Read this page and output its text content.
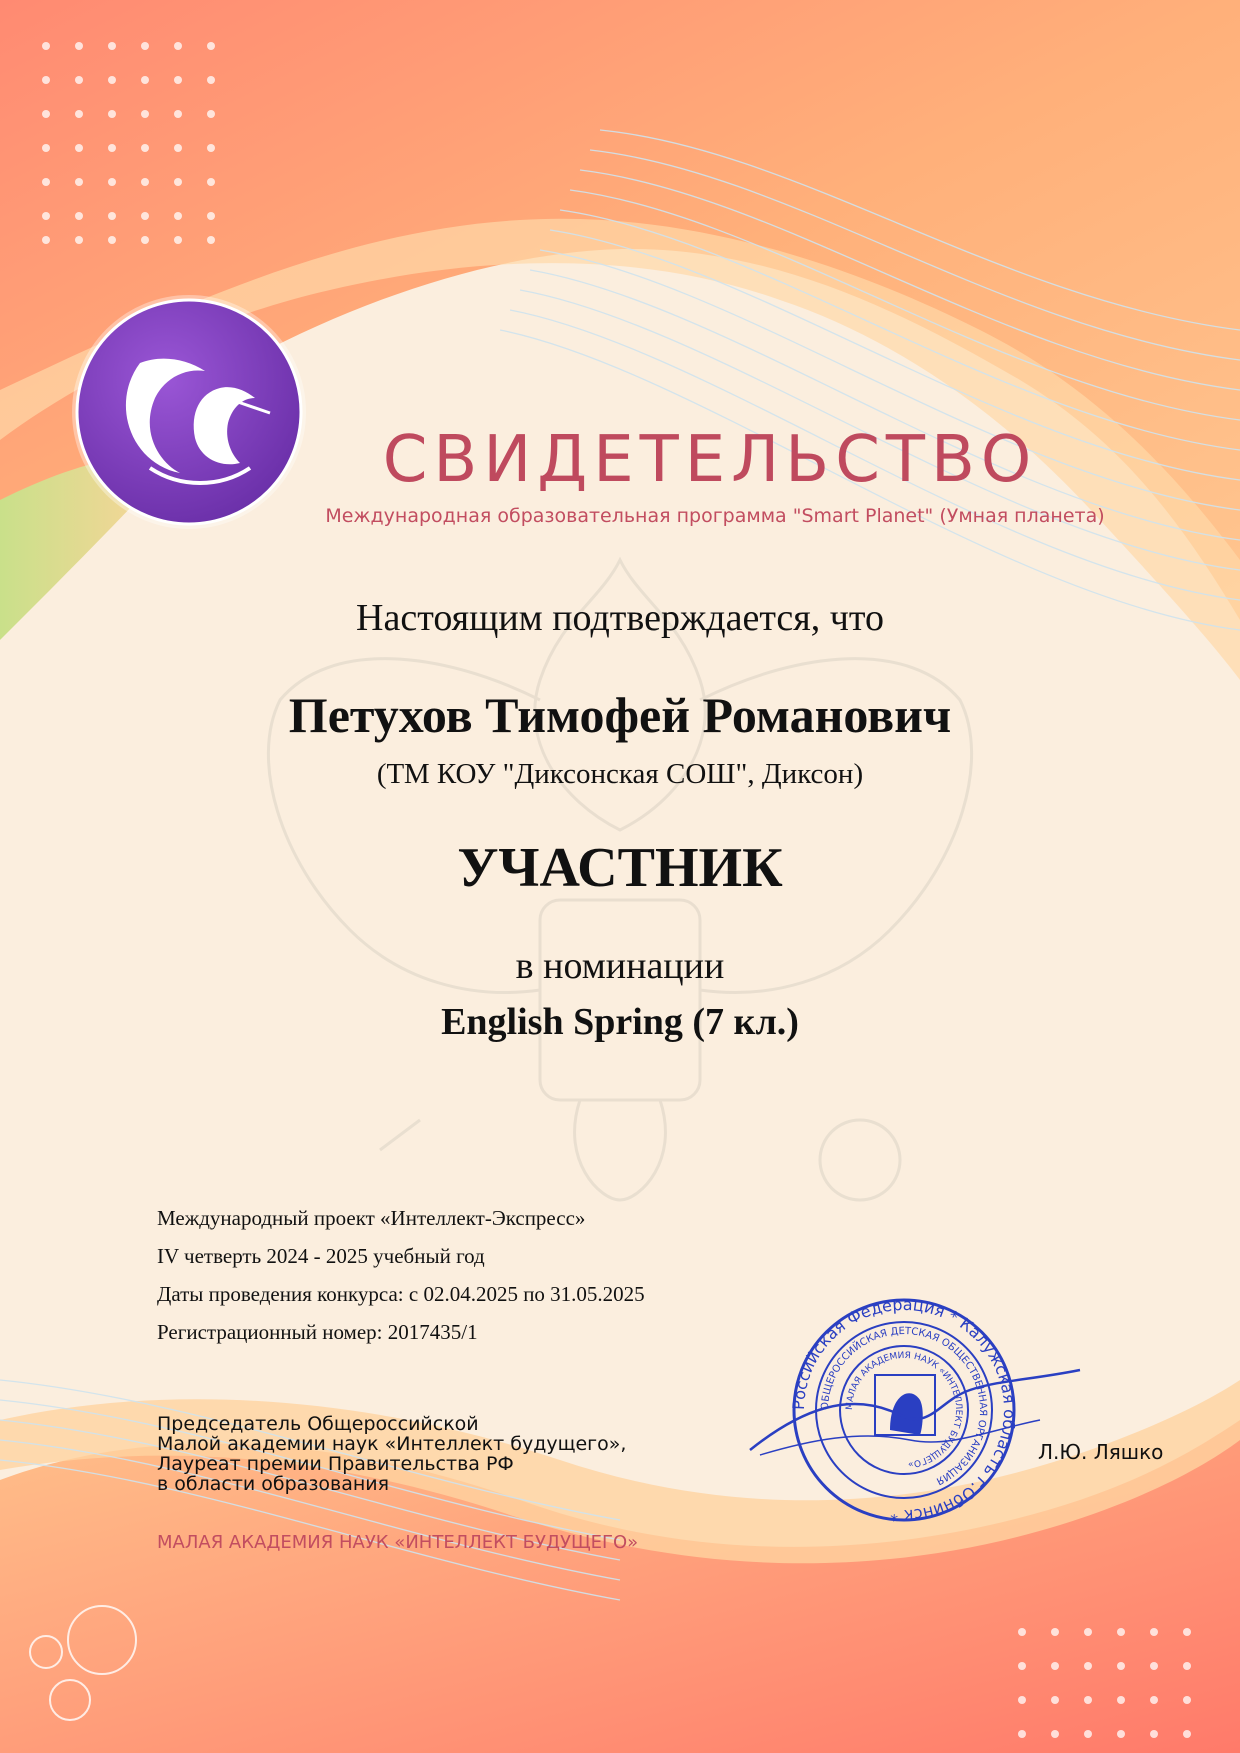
СВИДЕТЕЛЬСТВО
Международная образовательная программа "Smart Planet" (Умная планета)
Настоящим подтверждается, что
Петухов Тимофей Романович
(ТМ КОУ "Диксонская СОШ", Диксон)
УЧАСТНИК
в номинации
English Spring (7 кл.)
Международный проект «Интеллект-Экспресс»
IV четверть 2024 - 2025 учебный год
Даты проведения конкурса: с 02.04.2025 по 31.05.2025
Регистрационный номер: 2017435/1
Председатель Общероссийской
Малой академии наук «Интеллект будущего»,
Лауреат премии Правительства РФ
в области образования
МАЛАЯ АКАДЕМИЯ НАУК «ИНТЕЛЛЕКТ БУДУЩЕГО»
Российская Федерация * Калужская область г.Обнинск *
ОБЩЕРОССИЙСКАЯ ДЕТСКАЯ ОБЩЕСТВЕННАЯ ОРГАНИЗАЦИЯ
МАЛАЯ АКАДЕМИЯ НАУК «ИНТЕЛЛЕКТ БУДУЩЕГО»	Л.Ю. Ляшко
